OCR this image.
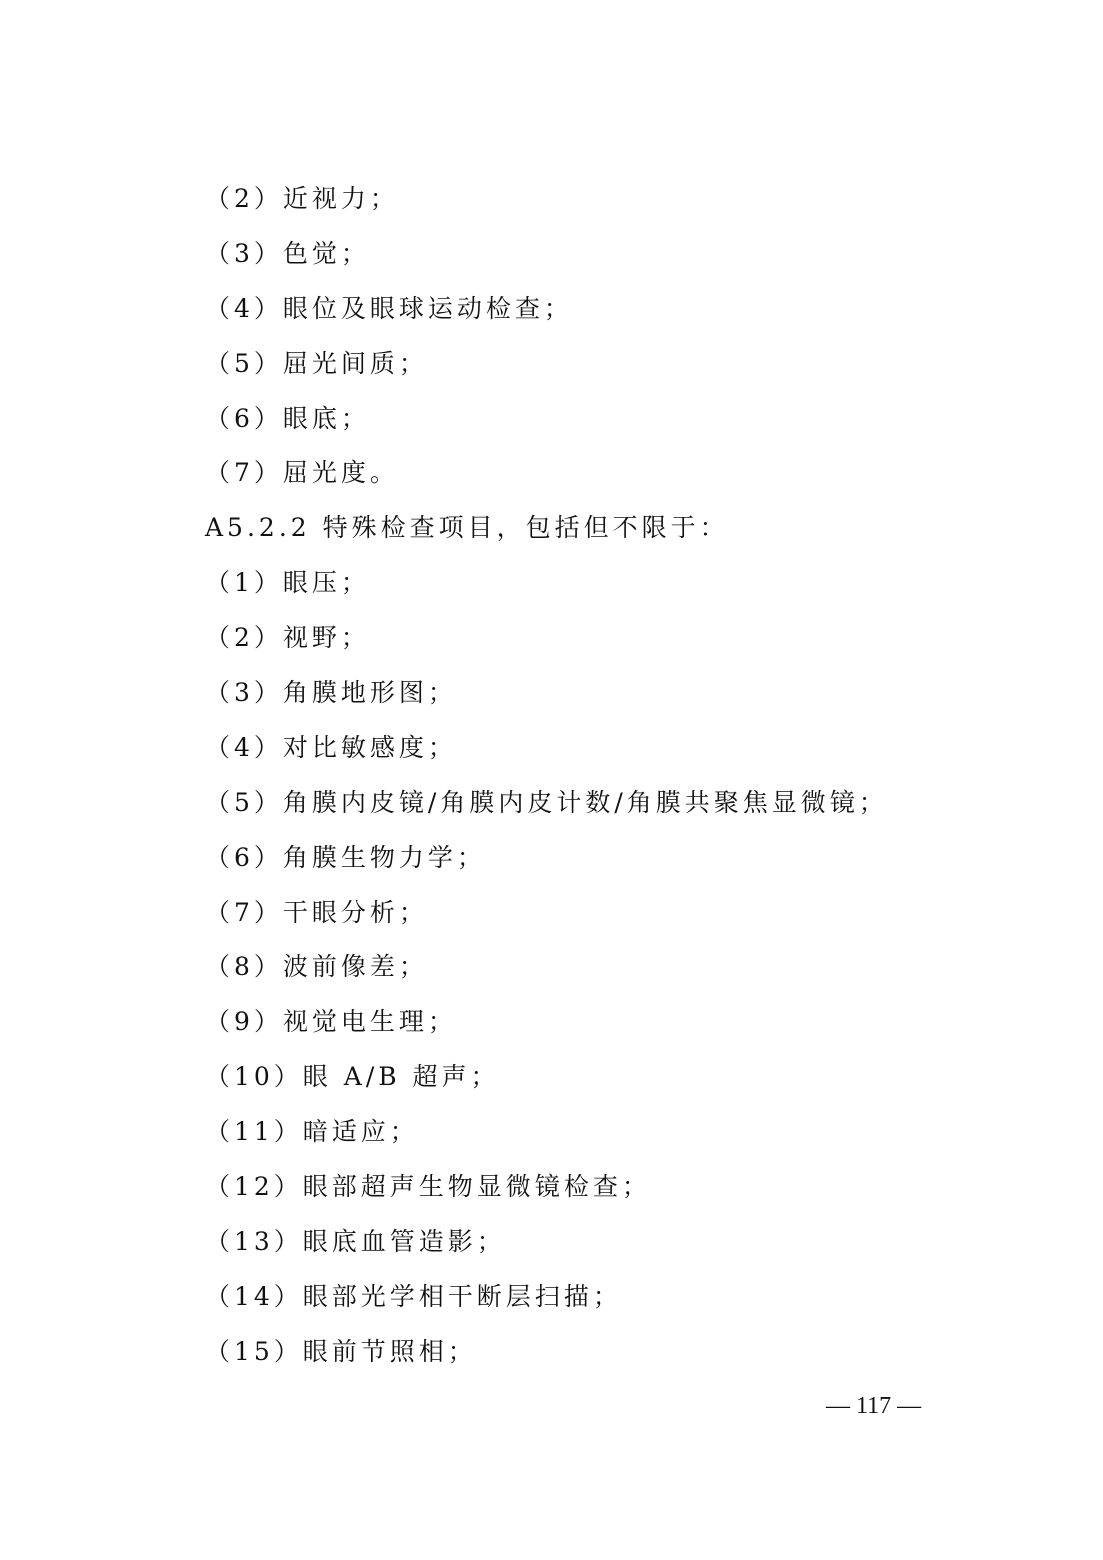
（2）近视力；
（3）色觉；
（4）眼位及眼球运动检查；
（5）屈光间质；
（6）眼底；
（7）屈光度。
A5.2.2 特殊检查项目，包括但不限于：
（1）眼压；
（2）视野；
（3）角膜地形图；
（4）对比敏感度；
（5）角膜内皮镜/角膜内皮计数/角膜共聚焦显微镜；
（6）角膜生物力学；
（7）干眼分析；
（8）波前像差；
（9）视觉电生理；
（10）眼 A/B 超声；
（11）暗适应；
（12）眼部超声生物显微镜检查；
（13）眼底血管造影；
（14）眼部光学相干断层扫描；
（15）眼前节照相；
— 117 —
